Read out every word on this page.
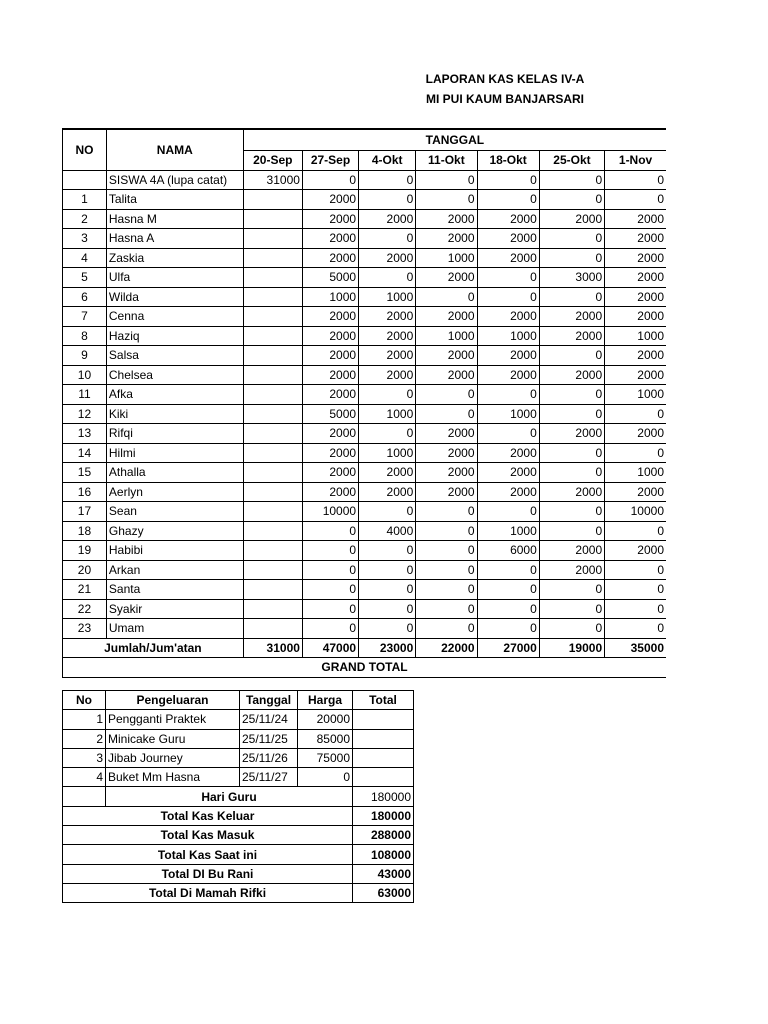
LAPORAN KAS KELAS IV-A
MI PUI KAUM BANJARSARI
NO	NAMA	TANGGAL						
		20-Sep	27-Sep	4-Okt	11-Okt	18-Okt	25-Okt	1-Nov
	SISWA 4A (lupa catat)	31000	0	0	0	0	0	0
1	Talita		2000	0	0	0	0	0
2	Hasna M		2000	2000	2000	2000	2000	2000
3	Hasna A		2000	0	2000	2000	0	2000
4	Zaskia		2000	2000	1000	2000	0	2000
5	Ulfa		5000	0	2000	0	3000	2000
6	Wilda		1000	1000	0	0	0	2000
7	Cenna		2000	2000	2000	2000	2000	2000
8	Haziq		2000	2000	1000	1000	2000	1000
9	Salsa		2000	2000	2000	2000	0	2000
10	Chelsea		2000	2000	2000	2000	2000	2000
11	Afka		2000	0	0	0	0	1000
12	Kiki		5000	1000	0	1000	0	0
13	Rifqi		2000	0	2000	0	2000	2000
14	Hilmi		2000	1000	2000	2000	0	0
15	Athalla		2000	2000	2000	2000	0	1000
16	Aerlyn		2000	2000	2000	2000	2000	2000
17	Sean		10000	0	0	0	0	10000
18	Ghazy		0	4000	0	1000	0	0
19	Habibi		0	0	0	6000	2000	2000
20	Arkan		0	0	0	0	2000	0
21	Santa		0	0	0	0	0	0
22	Syakir		0	0	0	0	0	0
23	Umam		0	0	0	0	0	0
Jumlah/Jum'atan		31000	47000	23000	22000	27000	19000	35000
GRAND TOTAL								
No	Pengeluaran	Tanggal	Harga	Total
1	Pengganti Praktek	25/11/24	20000	
2	Minicake Guru	25/11/25	85000	
3	Jibab Journey	25/11/26	75000	
4	Buket Mm Hasna	25/11/27	0	
	Hari Guru			180000
Total Kas Keluar				180000
Total Kas Masuk				288000
Total Kas Saat ini				108000
Total DI Bu Rani				43000
Total Di Mamah Rifki				63000
